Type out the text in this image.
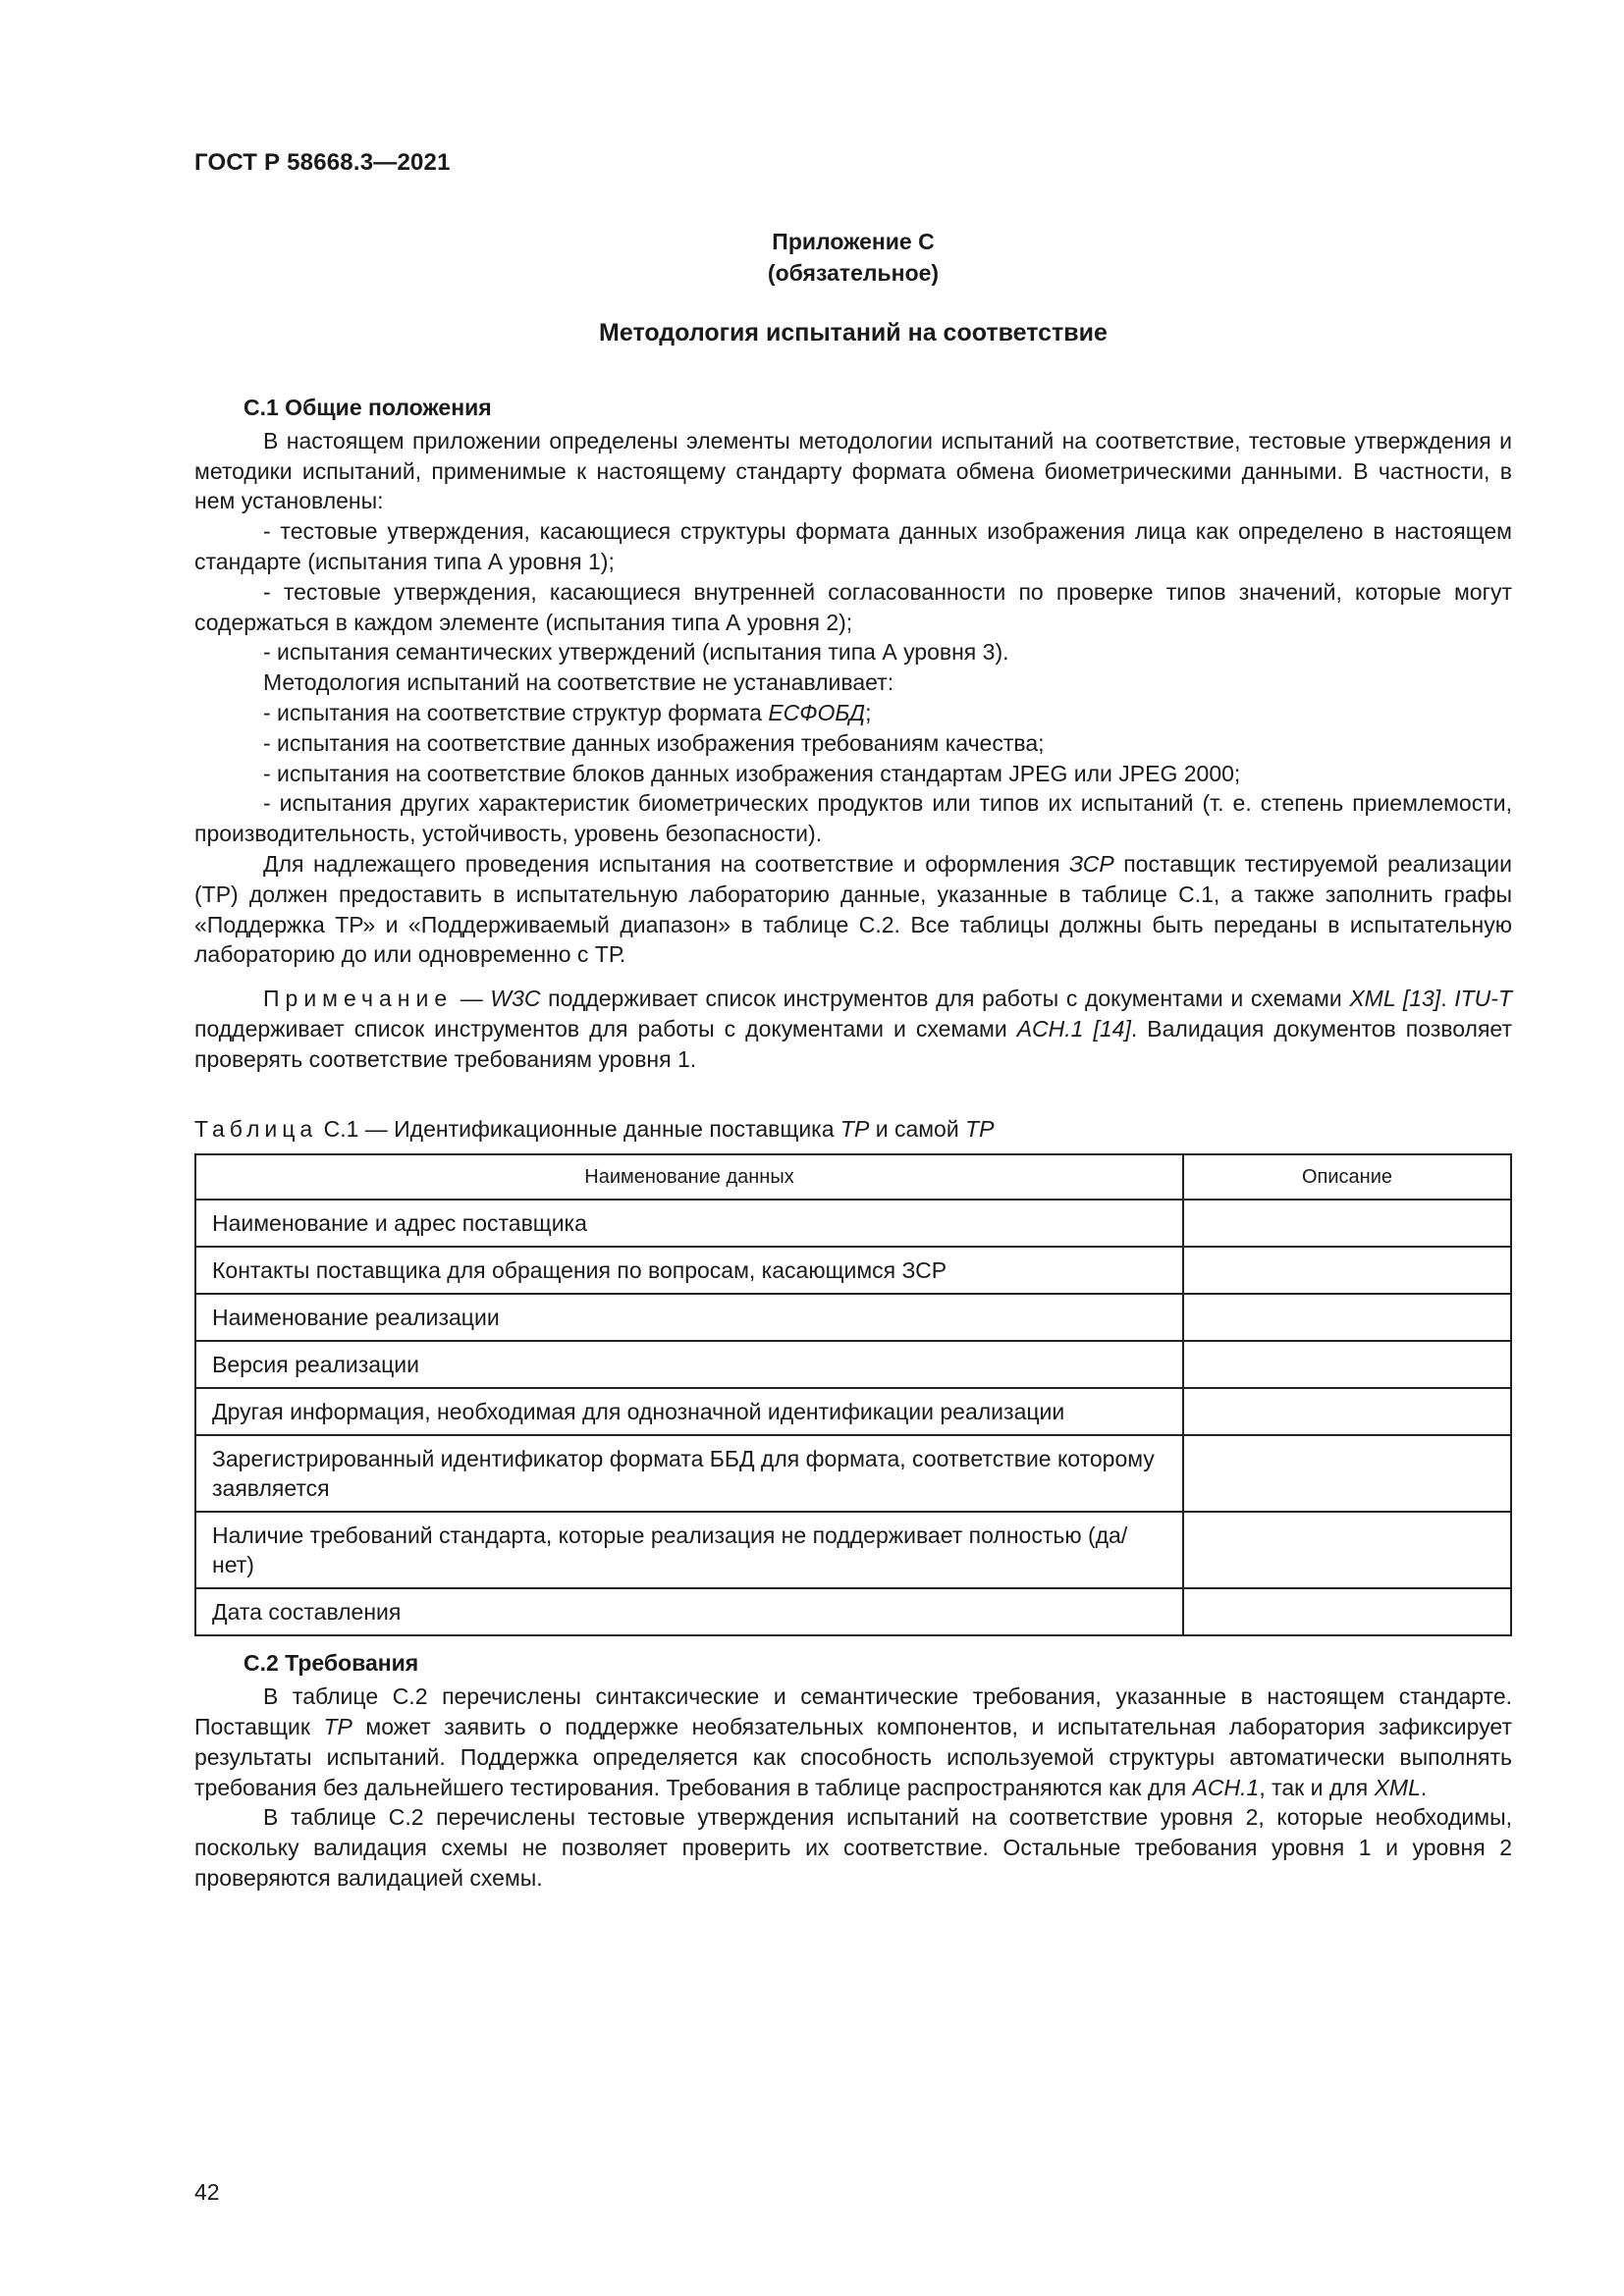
ГОСТ Р 58668.3—2021
Приложение С
(обязательное)
Методология испытаний на соответствие
С.1 Общие положения

В настоящем приложении определены элементы методологии испытаний на соответствие, тестовые утверждения и методики испытаний, применимые к настоящему стандарту формата обмена биометрическими данными. В частности, в нем установлены:

- тестовые утверждения, касающиеся структуры формата данных изображения лица как определено в настоящем стандарте (испытания типа А уровня 1);

- тестовые утверждения, касающиеся внутренней согласованности по проверке типов значений, которые могут содержаться в каждом элементе (испытания типа А уровня 2);

- испытания семантических утверждений (испытания типа А уровня 3).

Методология испытаний на соответствие не устанавливает:

- испытания на соответствие структур формата ЕСФОБД;

- испытания на соответствие данных изображения требованиям качества;

- испытания на соответствие блоков данных изображения стандартам JPEG или JPEG 2000;

- испытания других характеристик биометрических продуктов или типов их испытаний (т. е. степень приемлемости, производительность, устойчивость, уровень безопасности).

Для надлежащего проведения испытания на соответствие и оформления ЗСР поставщик тестируемой реализации (ТР) должен предоставить в испытательную лабораторию данные, указанные в таблице С.1, а также заполнить графы «Поддержка ТР» и «Поддерживаемый диапазон» в таблице С.2. Все таблицы должны быть переданы в испытательную лабораторию до или одновременно с ТР.

Примечание — W3C поддерживает список инструментов для работы с документами и схемами XML [13]. ITU-T поддерживает список инструментов для работы с документами и схемами ACH.1 [14]. Валидация документов позволяет проверять соответствие требованиям уровня 1.

Таблица С.1 — Идентификационные данные поставщика ТР и самой ТР
Наименование данных	Описание
Наименование и адрес поставщика	
Контакты поставщика для обращения по вопросам, касающимся ЗСР	
Наименование реализации	
Версия реализации	
Другая информация, необходимая для однозначной идентификации реализации	
Зарегистрированный идентификатор формата ББД для формата, соответствие которому заявляется	
Наличие требований стандарта, которые реализация не поддерживает полностью (да/нет)	
Дата составления	
С.2 Требования

В таблице С.2 перечислены синтаксические и семантические требования, указанные в настоящем стандарте. Поставщик ТР может заявить о поддержке необязательных компонентов, и испытательная лаборатория зафиксирует результаты испытаний. Поддержка определяется как способность используемой структуры автоматически выполнять требования без дальнейшего тестирования. Требования в таблице распространяются как для ACH.1, так и для XML.

В таблице С.2 перечислены тестовые утверждения испытаний на соответствие уровня 2, которые необходимы, поскольку валидация схемы не позволяет проверить их соответствие. Остальные требования уровня 1 и уровня 2 проверяются валидацией схемы.

42
